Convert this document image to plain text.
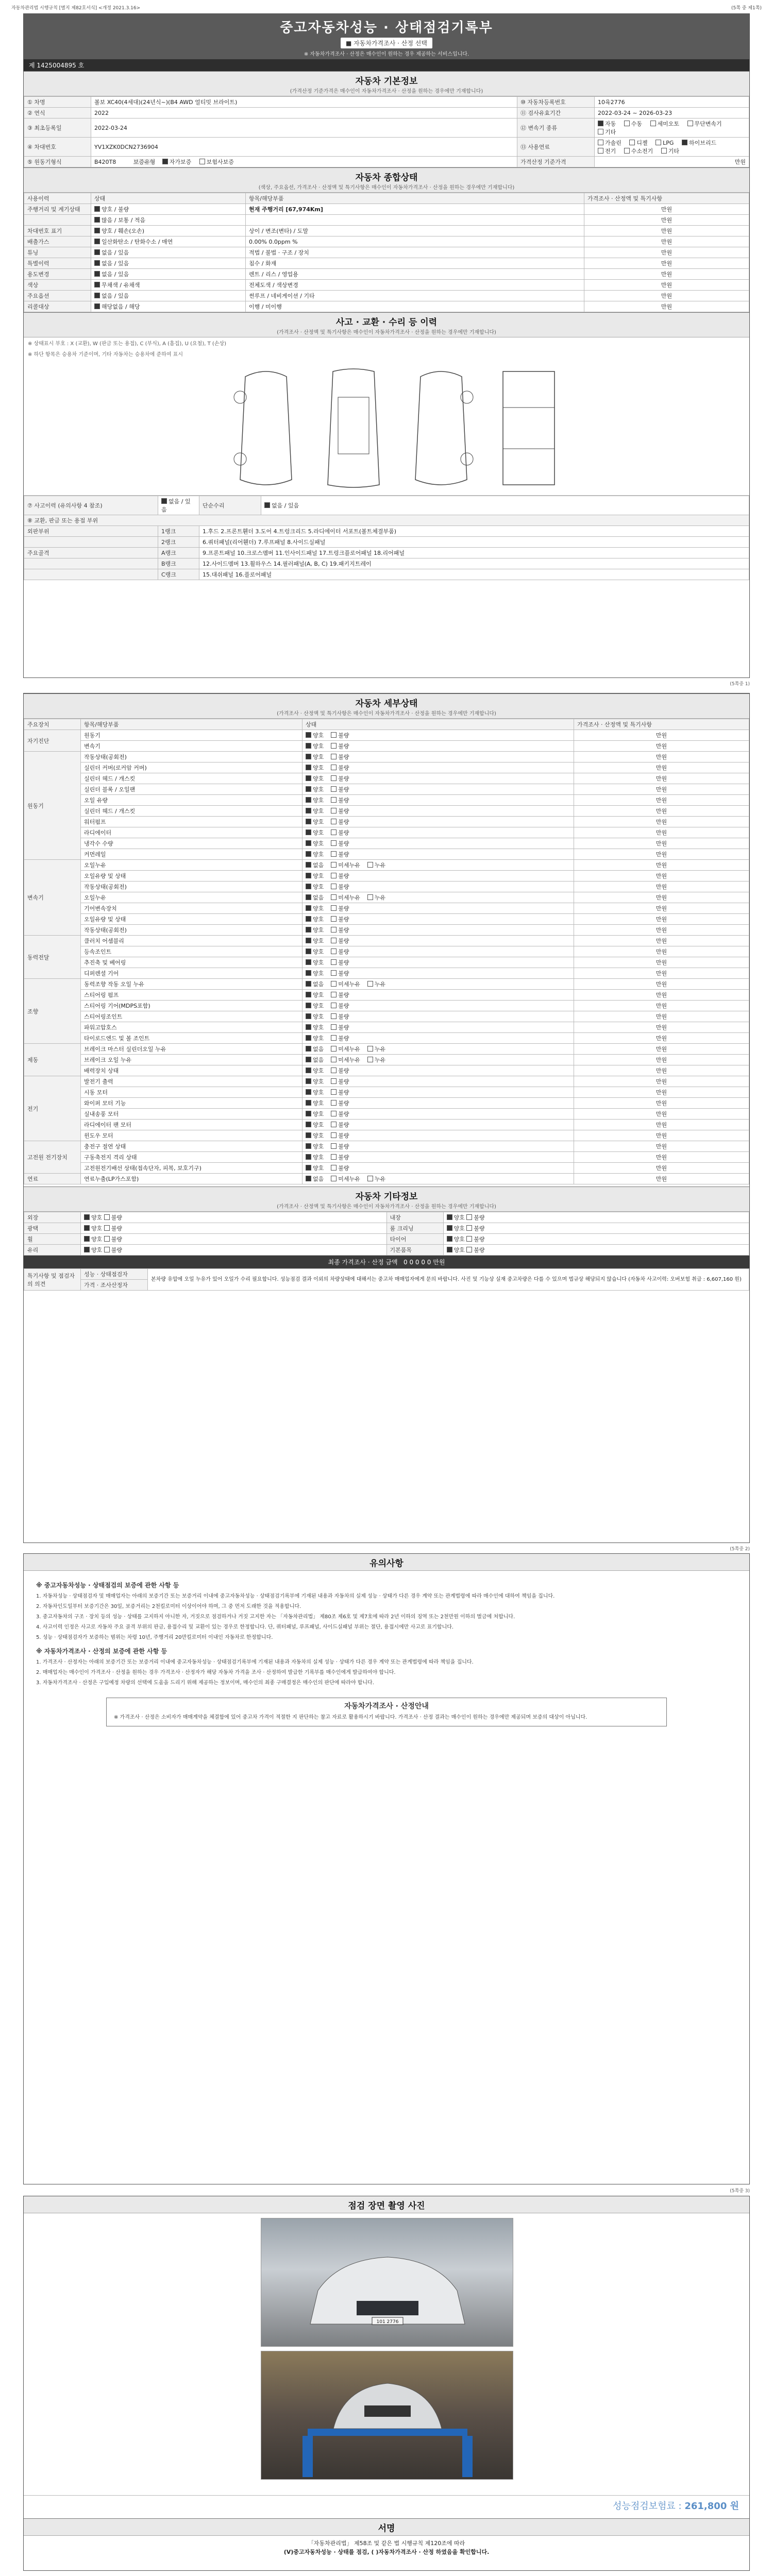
자동차관리법 시행규칙 [별지 제82호서식] <개정 2021.3.16>	(5쪽 중 제1쪽)
중고자동차성능 · 상태점검기록부
■ 자동차가격조사 · 산정 선택
※ 자동차가격조사 · 산정은 매수인이 원하는 경우 제공하는 서비스입니다.
제 1425004895 호
자동차 기본정보
(가격산정 기준가격은 매수인이 자동차가격조사 · 산정을 원하는 경우에만 기재합니다)
① 차명	볼보 XC40(4세대)(24년식~)(B4 AWD 얼티밋 브라이트)	⑩ 자동차등록번호	10육2776
② 연식	2022	⑪ 검사유효기간	2022-03-24 ~ 2026-03-23
③ 최초등록일	2022-03-24	⑫ 변속기 종류	자동 수동 세미오토 무단변속기 기타
④ 차대번호	YV1XZK0DCN2736904	⑬ 사용연료	가솔린 디젤 LPG 하이브리드 전기 수소전기 기타
⑤ 원동기형식	B420T8 보증유형 자가보증 보험사보증	가격산정 기준가격	만원
자동차 종합상태
(색상, 주요옵션, 가격조사 · 산정액 및 특기사항은 매수인이 자동차가격조사 · 산정을 원하는 경우에만 기재합니다)
사용이력	상태	항목/해당부품	가격조사 · 산정액 및 특기사항
주행거리 및 계기상태	양호 / 불량	현재 주행거리 [67,974Km]	만원
	많음 / 보통 / 적음		만원
차대번호 표기	양호 / 훼손(오손)	상이 / 변조(변타) / 도말	만원
배출가스	일산화탄소 / 탄화수소 / 매연	0.00% 0.0ppm %	만원
튜닝	없음 / 있음	적법 / 불법 · 구조 / 장치	만원
특별이력	없음 / 있음	침수 / 화재	만원
용도변경	없음 / 있음	렌트 / 리스 / 영업용	만원
색상	무채색 / 유채색	전체도색 / 색상변경	만원
주요옵션	없음 / 있음	썬루프 / 네비게이션 / 기타	만원
리콜대상	해당없음 / 해당	이행 / 미이행	만원
사고 · 교환 · 수리 등 이력
(가격조사 · 산정액 및 특기사항은 매수인이 자동차가격조사 · 산정을 원하는 경우에만 기재합니다)
※ 상태표시 부호 : X (교환), W (판금 또는 용접), C (부식), A (흠집), U (요철), T (손상)
※ 하단 항목은 승용차 기준이며, 기타 자동차는 승용차에 준하여 표시
⑦ 사고이력 (유의사항 4 참조)	없음 / 있음	단순수리	없음 / 있음
⑧ 교환, 판금 또는 용접 부위			
외판부위	1랭크	1.후드 2.프론트휀더 3.도어 4.트렁크리드 5.라디에이터 서포트(볼트체결부품)	
	2랭크	6.쿼터패널(리어휀더) 7.루프패널 8.사이드실패널	
주요골격	A랭크	9.프론트패널 10.크로스멤버 11.인사이드패널 17.트렁크플로어패널 18.리어패널	
	B랭크	12.사이드멤버 13.휠하우스 14.필러패널(A, B, C) 19.패키지트레이	
	C랭크	15.대쉬패널 16.플로어패널	
(5쪽중 1)
자동차 세부상태
(가격조사 · 산정액 및 특기사항은 매수인이 자동차가격조사 · 산정을 원하는 경우에만 기재합니다)
주요장치	항목/해당부품	상태	가격조사 · 산정액 및 특기사항
자기진단	원동기	양호 불량	만원
	변속기	양호 불량	만원
원동기	작동상태(공회전)	양호 불량	만원
	실린더 커버(로커암 커버)	양호 불량	만원
	실린더 헤드 / 개스킷	양호 불량	만원
	실린더 블록 / 오일팬	양호 불량	만원
	오일 유량	양호 불량	만원
	실린더 헤드 / 개스킷	양호 불량	만원
	워터펌프	양호 불량	만원
	라디에이터	양호 불량	만원
	냉각수 수량	양호 불량	만원
	커먼레일	양호 불량	만원
변속기	오일누유	없음 미세누유 누유	만원
	오일유량 및 상태	양호 불량	만원
	작동상태(공회전)	양호 불량	만원
	오일누유	없음 미세누유 누유	만원
	기어변속장치	양호 불량	만원
	오일유량 및 상태	양호 불량	만원
	작동상태(공회전)	양호 불량	만원
동력전달	클러치 어셈블리	양호 불량	만원
	등속조인트	양호 불량	만원
	추진축 및 베어링	양호 불량	만원
	디퍼렌셜 기어	양호 불량	만원
조향	동력조향 작동 오일 누유	없음 미세누유 누유	만원
	스티어링 펌프	양호 불량	만원
	스티어링 기어(MDPS포함)	양호 불량	만원
	스티어링조인트	양호 불량	만원
	파워고압호스	양호 불량	만원
	타이로드엔드 및 볼 조인트	양호 불량	만원
제동	브레이크 마스터 실린더오일 누유	없음 미세누유 누유	만원
	브레이크 오일 누유	없음 미세누유 누유	만원
	배력장치 상태	양호 불량	만원
전기	발전기 출력	양호 불량	만원
	시동 모터	양호 불량	만원
	와이퍼 모터 기능	양호 불량	만원
	실내송풍 모터	양호 불량	만원
	라디에이터 팬 모터	양호 불량	만원
	윈도우 모터	양호 불량	만원
고전원 전기장치	충전구 절연 상태	양호 불량	만원
	구동축전지 격리 상태	양호 불량	만원
	고전원전기배선 상태(접속단자, 피복, 보호기구)	양호 불량	만원
연료	연료누출(LP가스포함)	없음 미세누유 누유	만원
자동차 기타정보
(가격조사 · 산정액 및 특기사항은 매수인이 자동차가격조사 · 산정을 원하는 경우에만 기재합니다)
외장	양호 불량	내장	양호 불량
광택	양호 불량	룸 크리닝	양호 불량
휠	양호 불량	타이어	양호 불량
유리	양호 불량	기본품목	양호 불량
최종 가격조사 · 산정 금액 0 0 0 0 0 만원
특기사항 및 점검자의 의견	성능 · 상태점검자	본차량 유압에 오일 누유가 있어 오일가 수리 필요합니다. 성능점검 결과 이외의 차량상태에 대해서는 중고차 매매업자에게 문의 바랍니다. 사진 및 기능상 실재 중고차량은 다를 수 있으며 법규상 해당되지 않습니다 (자동차 사고이력: 오버보험 취급 : 6,607,160 원)
가격 · 조사산정자
(5쪽중 2)
유의사항
※ 중고자동차성능 · 상태점검의 보증에 관한 사항 등

1. 자동차성능 · 상태점검자 및 매매업자는 아래의 보증기간 또는 보증거리 이내에 중고자동차성능 · 상태점검기록부에 기재된 내용과 자동차의 실제 성능 · 상태가 다른 경우 계약 또는 관계법령에 따라 매수인에 대하여 책임을 집니다.

2. 자동차인도일부터 보증기간은 30일, 보증거리는 2천킬로미터 이상이어야 하며, 그 중 먼저 도래한 것을 적용합니다.

3. 중고자동차의 구조 · 장치 등의 성능 · 상태를 고지하지 아니한 자, 거짓으로 점검하거나 거짓 고지한 자는 「자동차관리법」 제80조 제6호 및 제7호에 따라 2년 이하의 징역 또는 2천만원 이하의 벌금에 처합니다.

4. 사고이력 인정은 사고로 자동차 주요 골격 부위의 판금, 용접수리 및 교환이 있는 경우로 한정합니다. 단, 쿼터패널, 루프패널, 사이드실패널 부위는 절단, 용접시에만 사고로 표기합니다.

5. 성능 · 상태점검자가 보증하는 범위는 차령 10년, 주행거리 20만킬로미터 이내인 자동차로 한정합니다.

※ 자동차가격조사 · 산정의 보증에 관한 사항 등

1. 가격조사 · 산정자는 아래의 보증기간 또는 보증거리 이내에 중고자동차성능 · 상태점검기록부에 기재된 내용과 자동차의 실제 성능 · 상태가 다른 경우 계약 또는 관계법령에 따라 책임을 집니다.

2. 매매업자는 매수인이 가격조사 · 산정을 원하는 경우 가격조사 · 산정자가 해당 자동차 가격을 조사 · 산정하여 발급한 기록부를 매수인에게 발급하여야 합니다.

3. 자동차가격조사 · 산정은 구입예정 차량의 선택에 도움을 드리기 위해 제공하는 정보이며, 매수인의 최종 구매결정은 매수인의 판단에 따라야 합니다.

자동차가격조사 · 산정안내
※ 가격조사 · 산정은 소비자가 매매계약을 체결함에 있어 중고차 가격이 적절한 지 판단하는 참고 자료로 활용하시기 바랍니다. 가격조사 · 산정 결과는 매수인이 원하는 경우에만 제공되며 보증의 대상이 아닙니다.
(5쪽중 3)
점검 장면 촬영 사진
101 2776
성능점검보험료 : 261,800 원
서명
「자동차관리법」 제58조 및 같은 법 시행규칙 제120조에 따라
(V)중고자동차성능 · 상태를 점검, ( )자동차가격조사 · 산정 하였음을 확인합니다.
